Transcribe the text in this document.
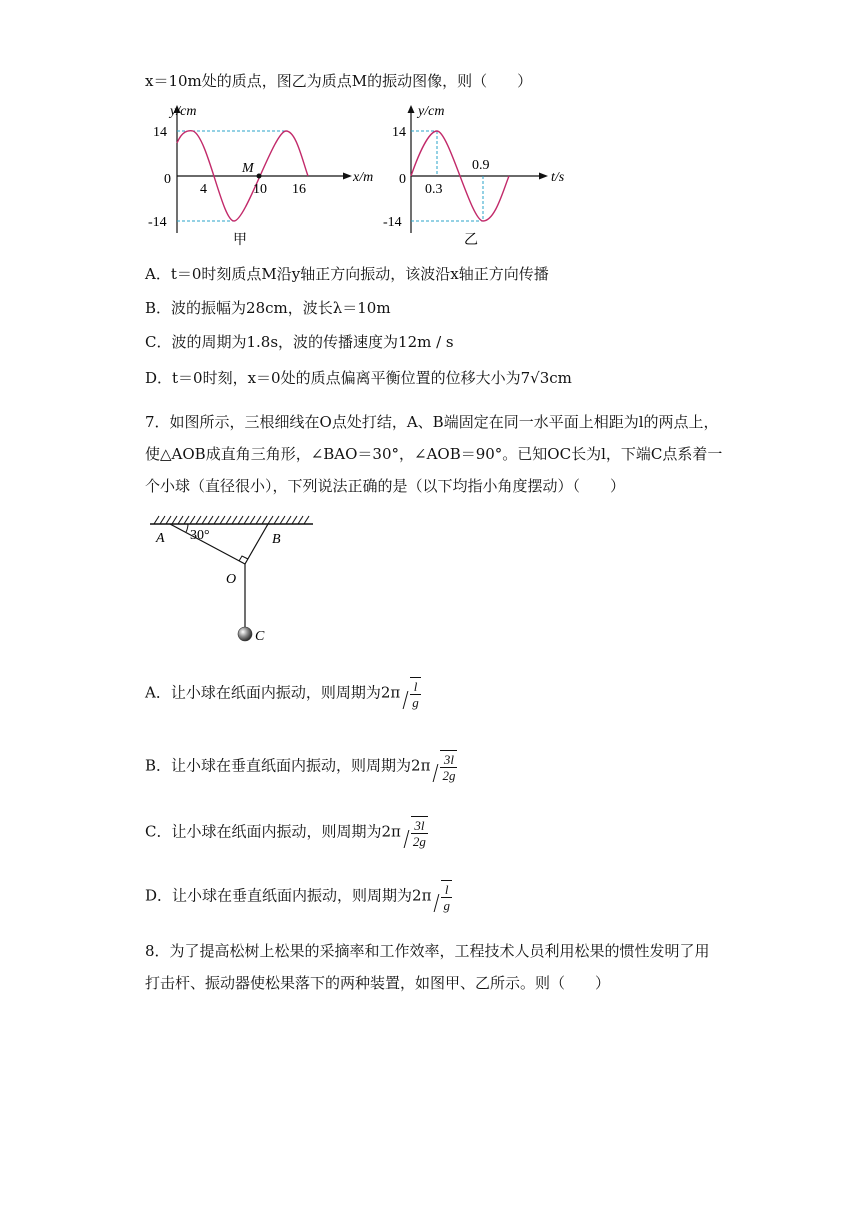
x＝10m处的质点，图乙为质点M的振动图像，则（　　）
y/cm
x/m
14
0
-14
4	10 16
M
甲
y/cm
t/s
14
0
-14
0.3
0.9
乙
A．t＝0时刻质点M沿y轴正方向振动，该波沿x轴正方向传播
B．波的振幅为28cm，波长λ＝10m
C．波的周期为1.8s，波的传播速度为12m / s
D．t＝0时刻，x＝0处的质点偏离平衡位置的位移大小为7√3cm
7．如图所示，三根细线在O点处打结，A、B端固定在同一水平面上相距为l的两点上，
使△AOB成直角三角形，∠BAO＝30°，∠AOB＝90°。已知OC长为l，下端C点系着一
个小球（直径很小），下列说法正确的是（以下均指小角度摆动）（　　）
30°
A	B
O
C
A．让小球在纸面内振动，则周期为$2\pi \frac{l}{g}$
B．让小球在垂直纸面内振动，则周期为$2\pi \frac{3l}{2g}$
C．让小球在纸面内振动，则周期为$2\pi \frac{3l}{2g}$
D．让小球在垂直纸面内振动，则周期为$2\pi \frac{l}{g}$
8．为了提高松树上松果的采摘率和工作效率，工程技术人员利用松果的惯性发明了用
打击杆、振动器使松果落下的两种装置，如图甲、乙所示。则（　　）
